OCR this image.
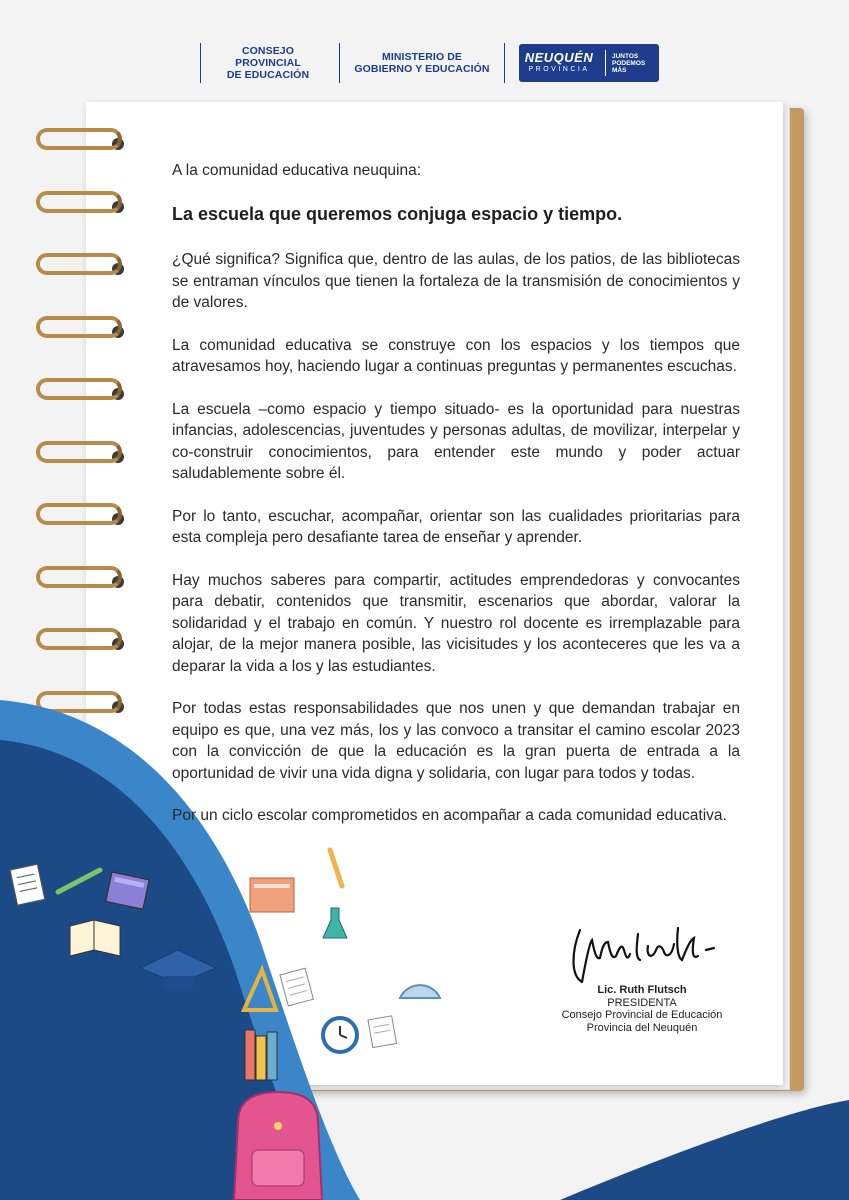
CONSEJO PROVINCIAL
DE EDUCACIÓN
MINISTERIO DE
GOBIERNO Y EDUCACIÓN
NEUQUÉN
PROVINCIA
JUNTOS
PODEMOS
MÁS

A la comunidad educativa neuquina:

La escuela que queremos conjuga espacio y tiempo.

¿Qué significa? Significa que, dentro de las aulas, de los patios, de las bibliotecas se entraman vínculos que tienen la fortaleza de la transmisión de conocimientos y de valores.

La comunidad educativa se construye con los espacios y los tiempos que atravesamos hoy, haciendo lugar a continuas preguntas y permanentes escuchas.

La escuela –como espacio y tiempo situado- es la oportunidad para nuestras infancias, adolescencias, juventudes y personas adultas, de movilizar, interpelar y co-construir conocimientos, para entender este mundo y poder actuar saludablemente sobre él.

Por lo tanto, escuchar, acompañar, orientar son las cualidades prioritarias para esta compleja pero desafiante tarea de enseñar y aprender.

Hay muchos saberes para compartir, actitudes emprendedoras y convocantes para debatir, contenidos que transmitir, escenarios que abordar, valorar la solidaridad y el trabajo en común. Y nuestro rol docente es irremplazable para alojar, de la mejor manera posible, las vicisitudes y los aconteceres que les va a deparar la vida a los y las estudiantes.

Por todas estas responsabilidades que nos unen y que demandan trabajar en equipo es que, una vez más, los y las convoco a transitar el camino escolar 2023 con la convicción de que la educación es la gran puerta de entrada a la oportunidad de vivir una vida digna y solidaria, con lugar para todos y todas.

Por un ciclo escolar comprometidos en acompañar a cada comunidad educativa.

Lic. Ruth Flutsch
PRESIDENTA
Consejo Provincial de Educación
Provincia del Neuquén
